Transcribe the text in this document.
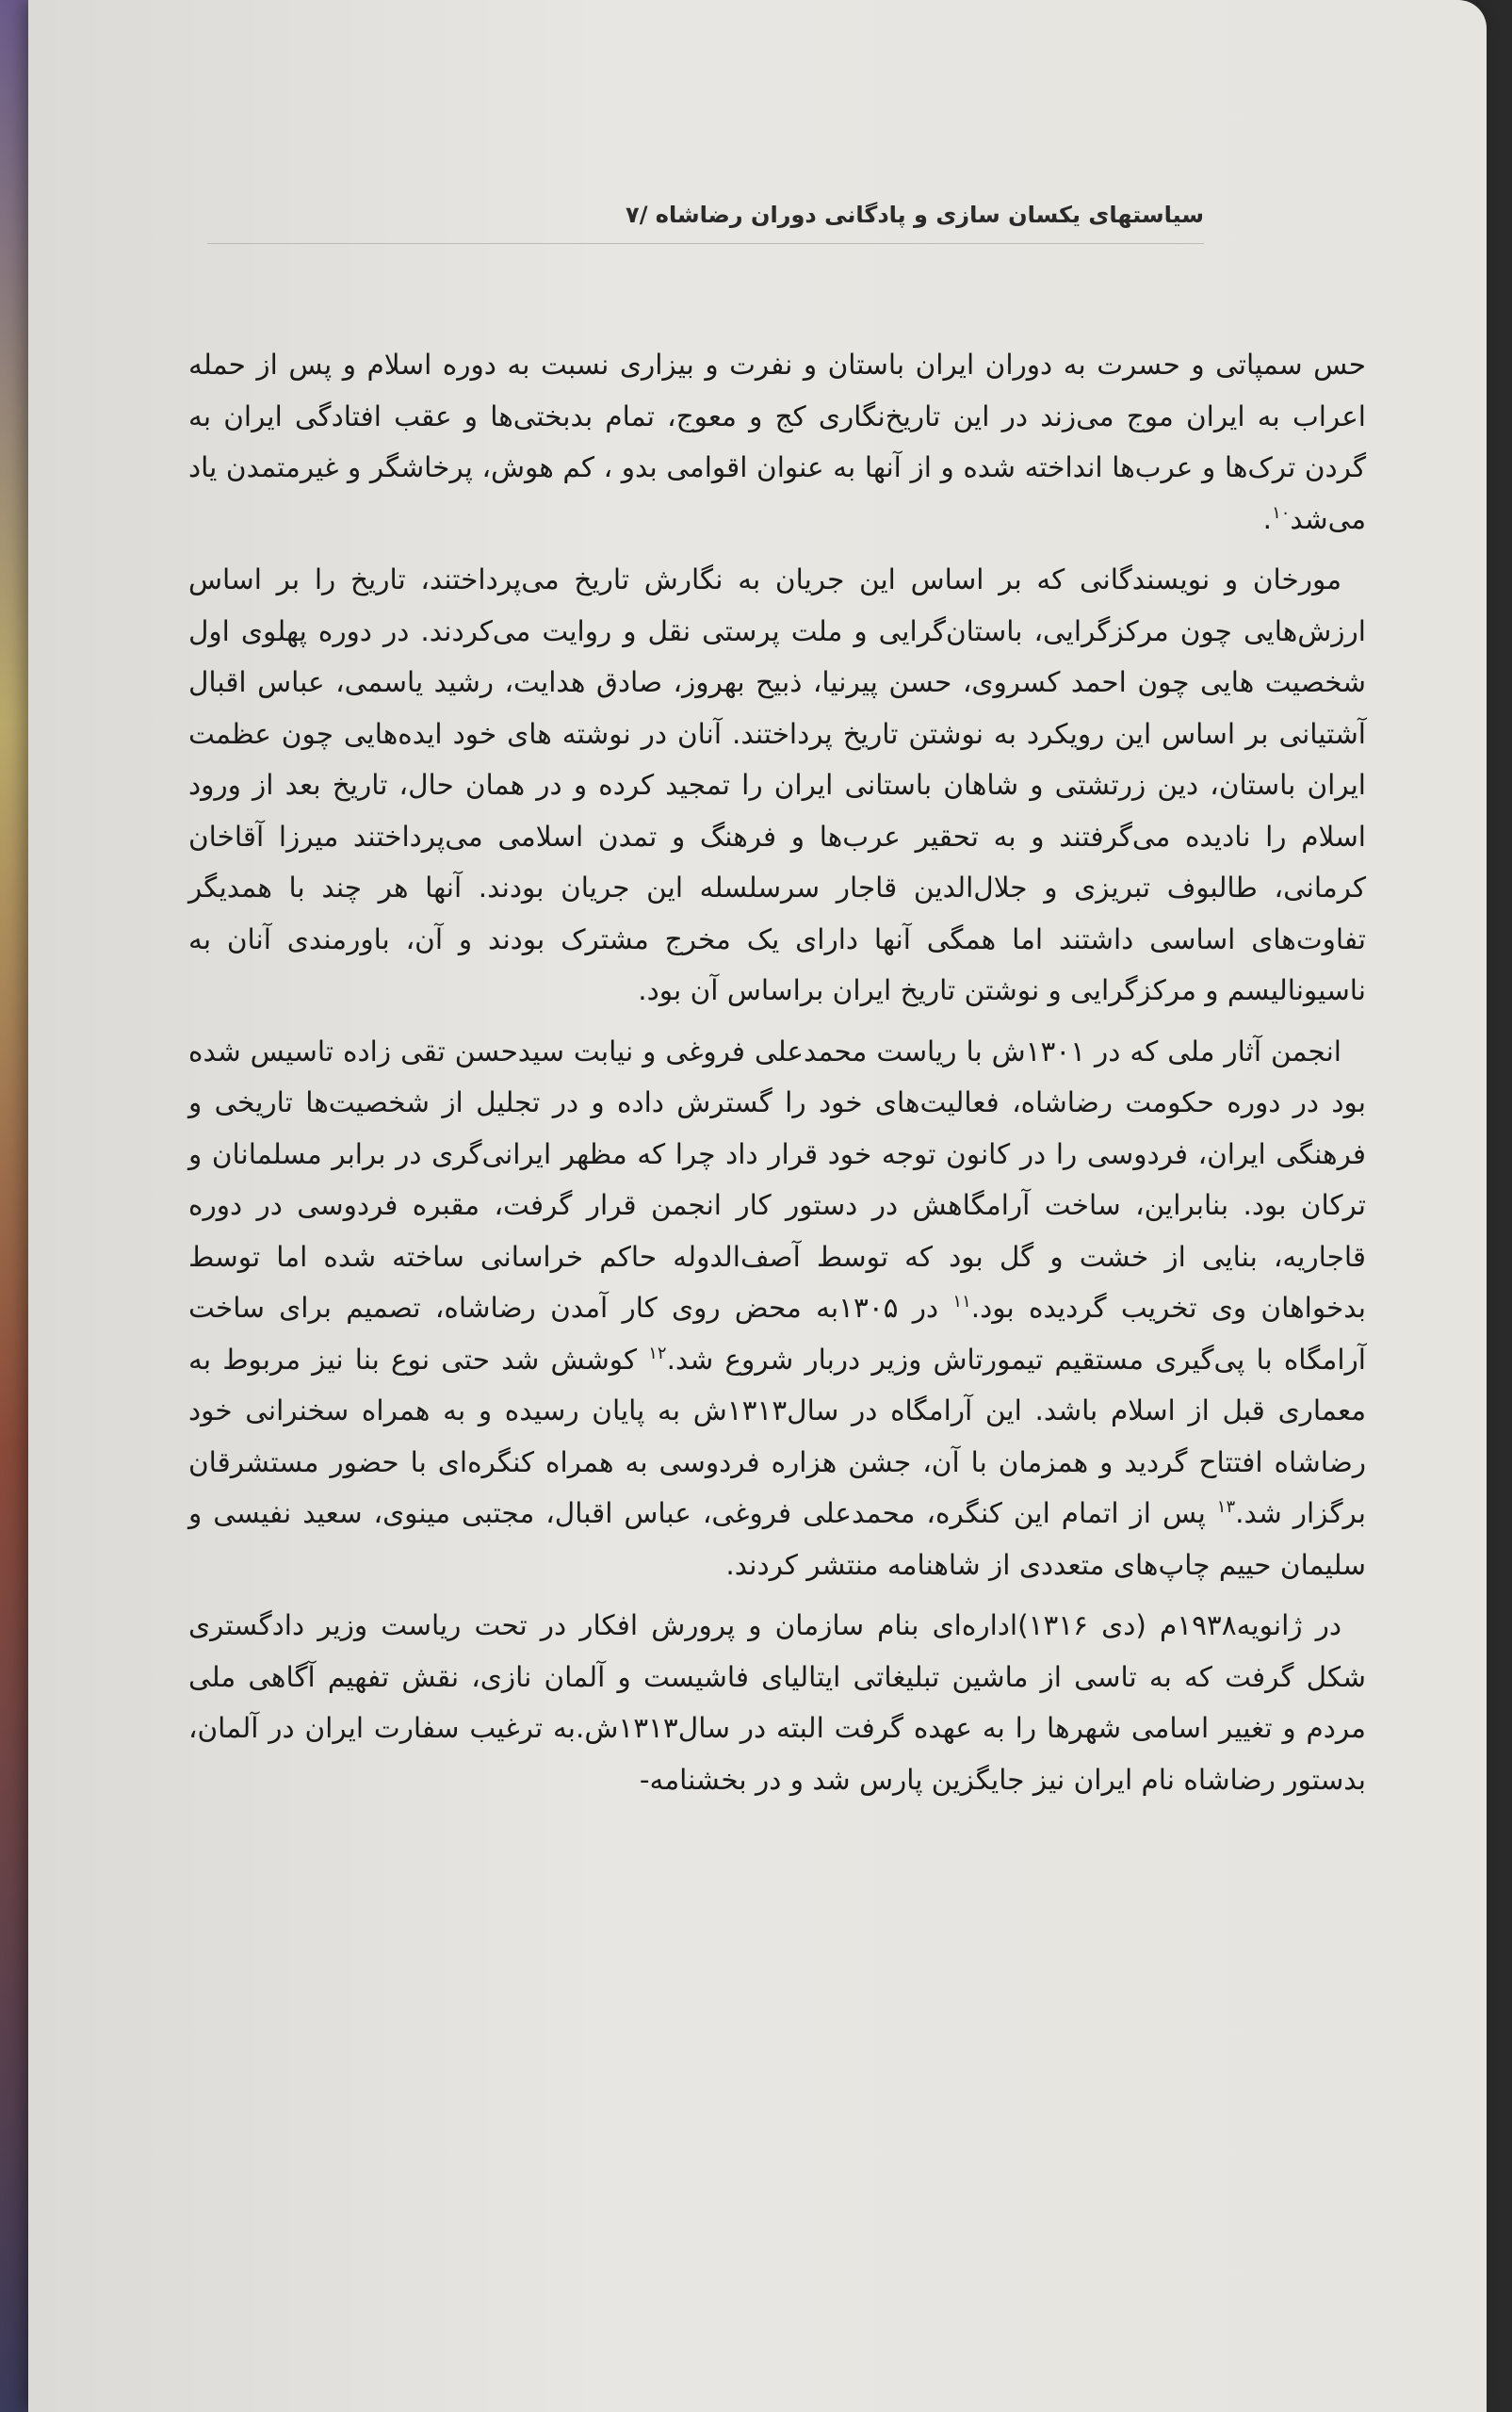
سیاستهای یکسان سازی و پادگانی دوران رضاشاه /۷

حس سمپاتی و حسرت به دوران ایران باستان و نفرت و بیزاری نسبت به دوره اسلام و پس از حمله اعراب به ایران موج می‌زند در این تاریخ‌نگاری کج و معوج، تمام بدبختی‌ها و عقب افتادگی ایران به گردن ترک‌ها و عرب‌ها انداخته شده و از آنها به عنوان اقوامی بدو ، کم هوش، پرخاشگر و غیرمتمدن یاد می‌شد$^{۱۰}$.

مورخان و نویسندگانی که بر اساس این جریان به نگارش تاریخ می‌پرداختند، تاریخ را بر اساس ارزش‌هایی چون مرکزگرایی، باستان‌گرایی و ملت پرستی نقل و روایت می‌کردند. در دوره پهلوی اول شخصیت هایی چون احمد کسروی، حسن پیرنیا، ذبیح بهروز، صادق هدایت، رشید یاسمی، عباس اقبال آشتیانی بر اساس این رویکرد به نوشتن تاریخ پرداختند. آنان در نوشته های خود ایده‌هایی چون عظمت ایران باستان، دین زرتشتی و شاهان باستانی ایران را تمجید کرده و در همان حال، تاریخ بعد از ورود اسلام را نادیده می‌گرفتند و به تحقیر عرب‌ها و فرهنگ و تمدن اسلامی می‌پرداختند میرزا آقاخان کرمانی، طالبوف تبریزی و جلال‌الدین قاجار سرسلسله این جریان بودند. آنها هر چند با همدیگر تفاوت‌های اساسی داشتند اما همگی آنها دارای یک مخرج مشترک بودند و آن، باورمندی آنان به ناسیونالیسم و مرکزگرایی و نوشتن تاریخ ایران براساس آن بود.

انجمن آثار ملی که در ۱۳۰۱ش با ریاست محمدعلی فروغی و نیابت سیدحسن تقی زاده تاسیس شده بود در دوره حکومت رضاشاه، فعالیت‌های خود را گسترش داده و در تجلیل از شخصیت‌ها تاریخی و فرهنگی ایران، فردوسی را در کانون توجه خود قرار داد چرا که مظهر ایرانی‌گری در برابر مسلمانان و ترکان بود. بنابراین، ساخت آرامگاهش در دستور کار انجمن قرار گرفت، مقبره فردوسی در دوره قاجاریه، بنایی از خشت و گل بود که توسط آصف‌الدوله حاکم خراسانی ساخته شده اما توسط بدخواهان وی تخریب گردیده بود.$^{۱۱}$ در ۱۳۰۵به محض روی کار آمدن رضاشاه، تصمیم برای ساخت آرامگاه با پی‌گیری مستقیم تیمورتاش وزیر دربار شروع شد.$^{۱۲}$ کوشش شد حتی نوع بنا نیز مربوط به معماری قبل از اسلام باشد. این آرامگاه در سال۱۳۱۳ش به پایان رسیده و به همراه سخنرانی خود رضاشاه افتتاح گردید و همزمان با آن، جشن هزاره فردوسی به همراه کنگره‌ای با حضور مستشرقان برگزار شد.$^{۱۳}$ پس از اتمام این کنگره، محمدعلی فروغی، عباس اقبال، مجتبی مینوی، سعید نفیسی و سلیمان حییم چاپ‌های متعددی از شاهنامه منتشر کردند.

در ژانویه۱۹۳۸م (دی ۱۳۱۶)اداره‌ای بنام سازمان و پرورش افکار در تحت ریاست وزیر دادگستری شکل گرفت که به تاسی از ماشین تبلیغاتی ایتالیای فاشیست و آلمان نازی، نقش تفهیم آگاهی ملی مردم و تغییر اسامی شهرها را به عهده گرفت البته در سال۱۳۱۳ش.به ترغیب سفارت ایران در آلمان، بدستور رضاشاه نام ایران نیز جایگزین پارس شد و در بخشنامه-
